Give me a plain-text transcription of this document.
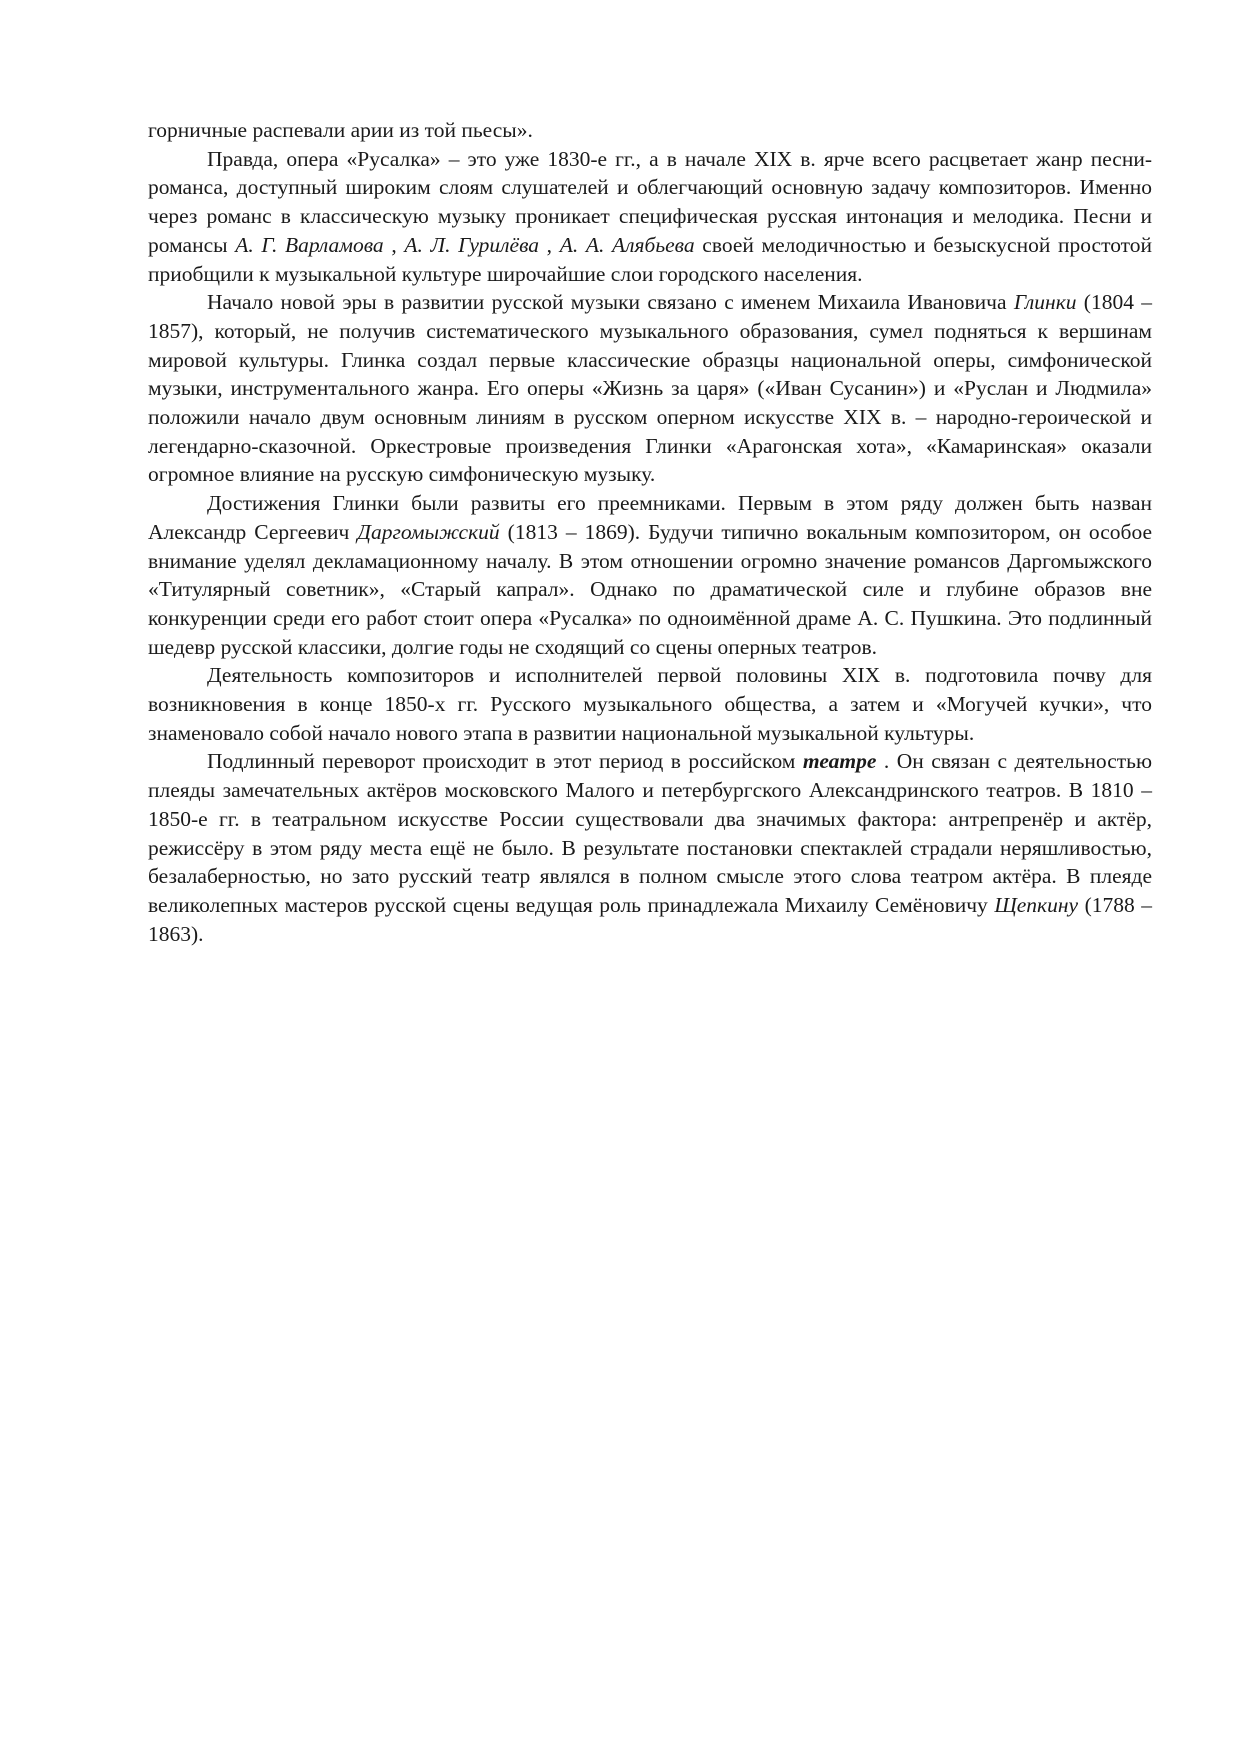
горничные распевали арии из той пьесы».

Правда, опера «Русалка» – это уже 1830-е гг., а в начале XIX в. ярче всего расцветает жанр песни-романса, доступный широким слоям слушателей и облегчающий основную задачу композиторов. Именно через романс в классическую музыку проникает специфическая русская интонация и мелодика. Песни и романсы А. Г. Варламова , А. Л. Гурилёва , А. А. Алябьева своей мелодичностью и безыскусной простотой приобщили к музыкальной культуре широчайшие слои городского населения.

Начало новой эры в развитии русской музыки связано с именем Михаила Ивановича Глинки (1804 – 1857), который, не получив систематического музыкального образования, сумел подняться к вершинам мировой культуры. Глинка создал первые классические образцы национальной оперы, симфонической музыки, инструментального жанра. Его оперы «Жизнь за царя» («Иван Сусанин») и «Руслан и Людмила» положили начало двум основным линиям в русском оперном искусстве XIX в. – народно-героической и легендарно-сказочной. Оркестровые произведения Глинки «Арагонская хота», «Камаринская» оказали огромное влияние на русскую симфоническую музыку.

Достижения Глинки были развиты его преемниками. Первым в этом ряду должен быть назван Александр Сергеевич Даргомыжский (1813 – 1869). Будучи типично вокальным композитором, он особое внимание уделял декламационному началу. В этом отношении огромно значение романсов Даргомыжского «Титулярный советник», «Старый капрал». Однако по драматической силе и глубине образов вне конкуренции среди его работ стоит опера «Русалка» по одноимённой драме А. С. Пушкина. Это подлинный шедевр русской классики, долгие годы не сходящий со сцены оперных театров.

Деятельность композиторов и исполнителей первой половины XIX в. подготовила почву для возникновения в конце 1850-х гг. Русского музыкального общества, а затем и «Могучей кучки», что знаменовало собой начало нового этапа в развитии национальной музыкальной культуры.

Подлинный переворот происходит в этот период в российском театре . Он связан с деятельностью плеяды замечательных актёров московского Малого и петербургского Александринского театров. В 1810 – 1850-е гг. в театральном искусстве России существовали два значимых фактора: антрепренёр и актёр, режиссёру в этом ряду места ещё не было. В результате постановки спектаклей страдали неряшливостью, безалаберностью, но зато русский театр являлся в полном смысле этого слова театром актёра. В плеяде великолепных мастеров русской сцены ведущая роль принадлежала Михаилу Семёновичу Щепкину (1788 – 1863).
